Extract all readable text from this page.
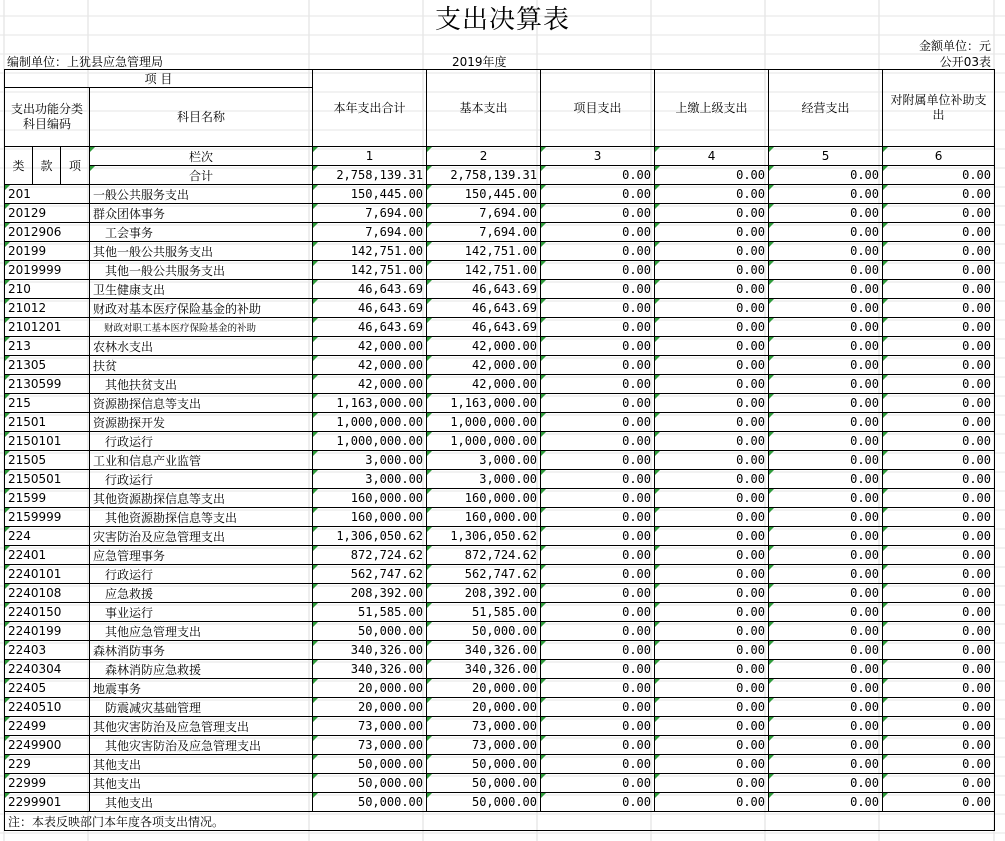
支出决算表
金额单位：元
编制单位：上犹县应急管理局	2019年度	公开03表
项 目				本年支出合计	基本支出	项目支出	上缴上级支出	经营支出	对附属单位补助支出
支出功能分类科目编码			科目名称						

类	款	项	栏次	1	2	3	4	5	6
			合计	2,758,139.31	2,758,139.31	0.00	0.00	0.00	0.00
201			一般公共服务支出	150,445.00	150,445.00	0.00	0.00	0.00	0.00
20129			群众团体事务	7,694.00	7,694.00	0.00	0.00	0.00	0.00
2012906			工会事务	7,694.00	7,694.00	0.00	0.00	0.00	0.00
20199			其他一般公共服务支出	142,751.00	142,751.00	0.00	0.00	0.00	0.00
2019999			其他一般公共服务支出	142,751.00	142,751.00	0.00	0.00	0.00	0.00
210			卫生健康支出	46,643.69	46,643.69	0.00	0.00	0.00	0.00
21012			财政对基本医疗保险基金的补助	46,643.69	46,643.69	0.00	0.00	0.00	0.00
2101201			财政对职工基本医疗保险基金的补助	46,643.69	46,643.69	0.00	0.00	0.00	0.00
213			农林水支出	42,000.00	42,000.00	0.00	0.00	0.00	0.00
21305			扶贫	42,000.00	42,000.00	0.00	0.00	0.00	0.00
2130599			其他扶贫支出	42,000.00	42,000.00	0.00	0.00	0.00	0.00
215			资源勘探信息等支出	1,163,000.00	1,163,000.00	0.00	0.00	0.00	0.00
21501			资源勘探开发	1,000,000.00	1,000,000.00	0.00	0.00	0.00	0.00
2150101			行政运行	1,000,000.00	1,000,000.00	0.00	0.00	0.00	0.00
21505			工业和信息产业监管	3,000.00	3,000.00	0.00	0.00	0.00	0.00
2150501			行政运行	3,000.00	3,000.00	0.00	0.00	0.00	0.00
21599			其他资源勘探信息等支出	160,000.00	160,000.00	0.00	0.00	0.00	0.00
2159999			其他资源勘探信息等支出	160,000.00	160,000.00	0.00	0.00	0.00	0.00
224			灾害防治及应急管理支出	1,306,050.62	1,306,050.62	0.00	0.00	0.00	0.00
22401			应急管理事务	872,724.62	872,724.62	0.00	0.00	0.00	0.00
2240101			行政运行	562,747.62	562,747.62	0.00	0.00	0.00	0.00
2240108			应急救援	208,392.00	208,392.00	0.00	0.00	0.00	0.00
2240150			事业运行	51,585.00	51,585.00	0.00	0.00	0.00	0.00
2240199			其他应急管理支出	50,000.00	50,000.00	0.00	0.00	0.00	0.00
22403			森林消防事务	340,326.00	340,326.00	0.00	0.00	0.00	0.00
2240304			森林消防应急救援	340,326.00	340,326.00	0.00	0.00	0.00	0.00
22405			地震事务	20,000.00	20,000.00	0.00	0.00	0.00	0.00
2240510			防震减灾基础管理	20,000.00	20,000.00	0.00	0.00	0.00	0.00
22499			其他灾害防治及应急管理支出	73,000.00	73,000.00	0.00	0.00	0.00	0.00
2249900			其他灾害防治及应急管理支出	73,000.00	73,000.00	0.00	0.00	0.00	0.00
229			其他支出	50,000.00	50,000.00	0.00	0.00	0.00	0.00
22999			其他支出	50,000.00	50,000.00	0.00	0.00	0.00	0.00
2299901			其他支出	50,000.00	50,000.00	0.00	0.00	0.00	0.00
注：本表反映部门本年度各项支出情况。									
